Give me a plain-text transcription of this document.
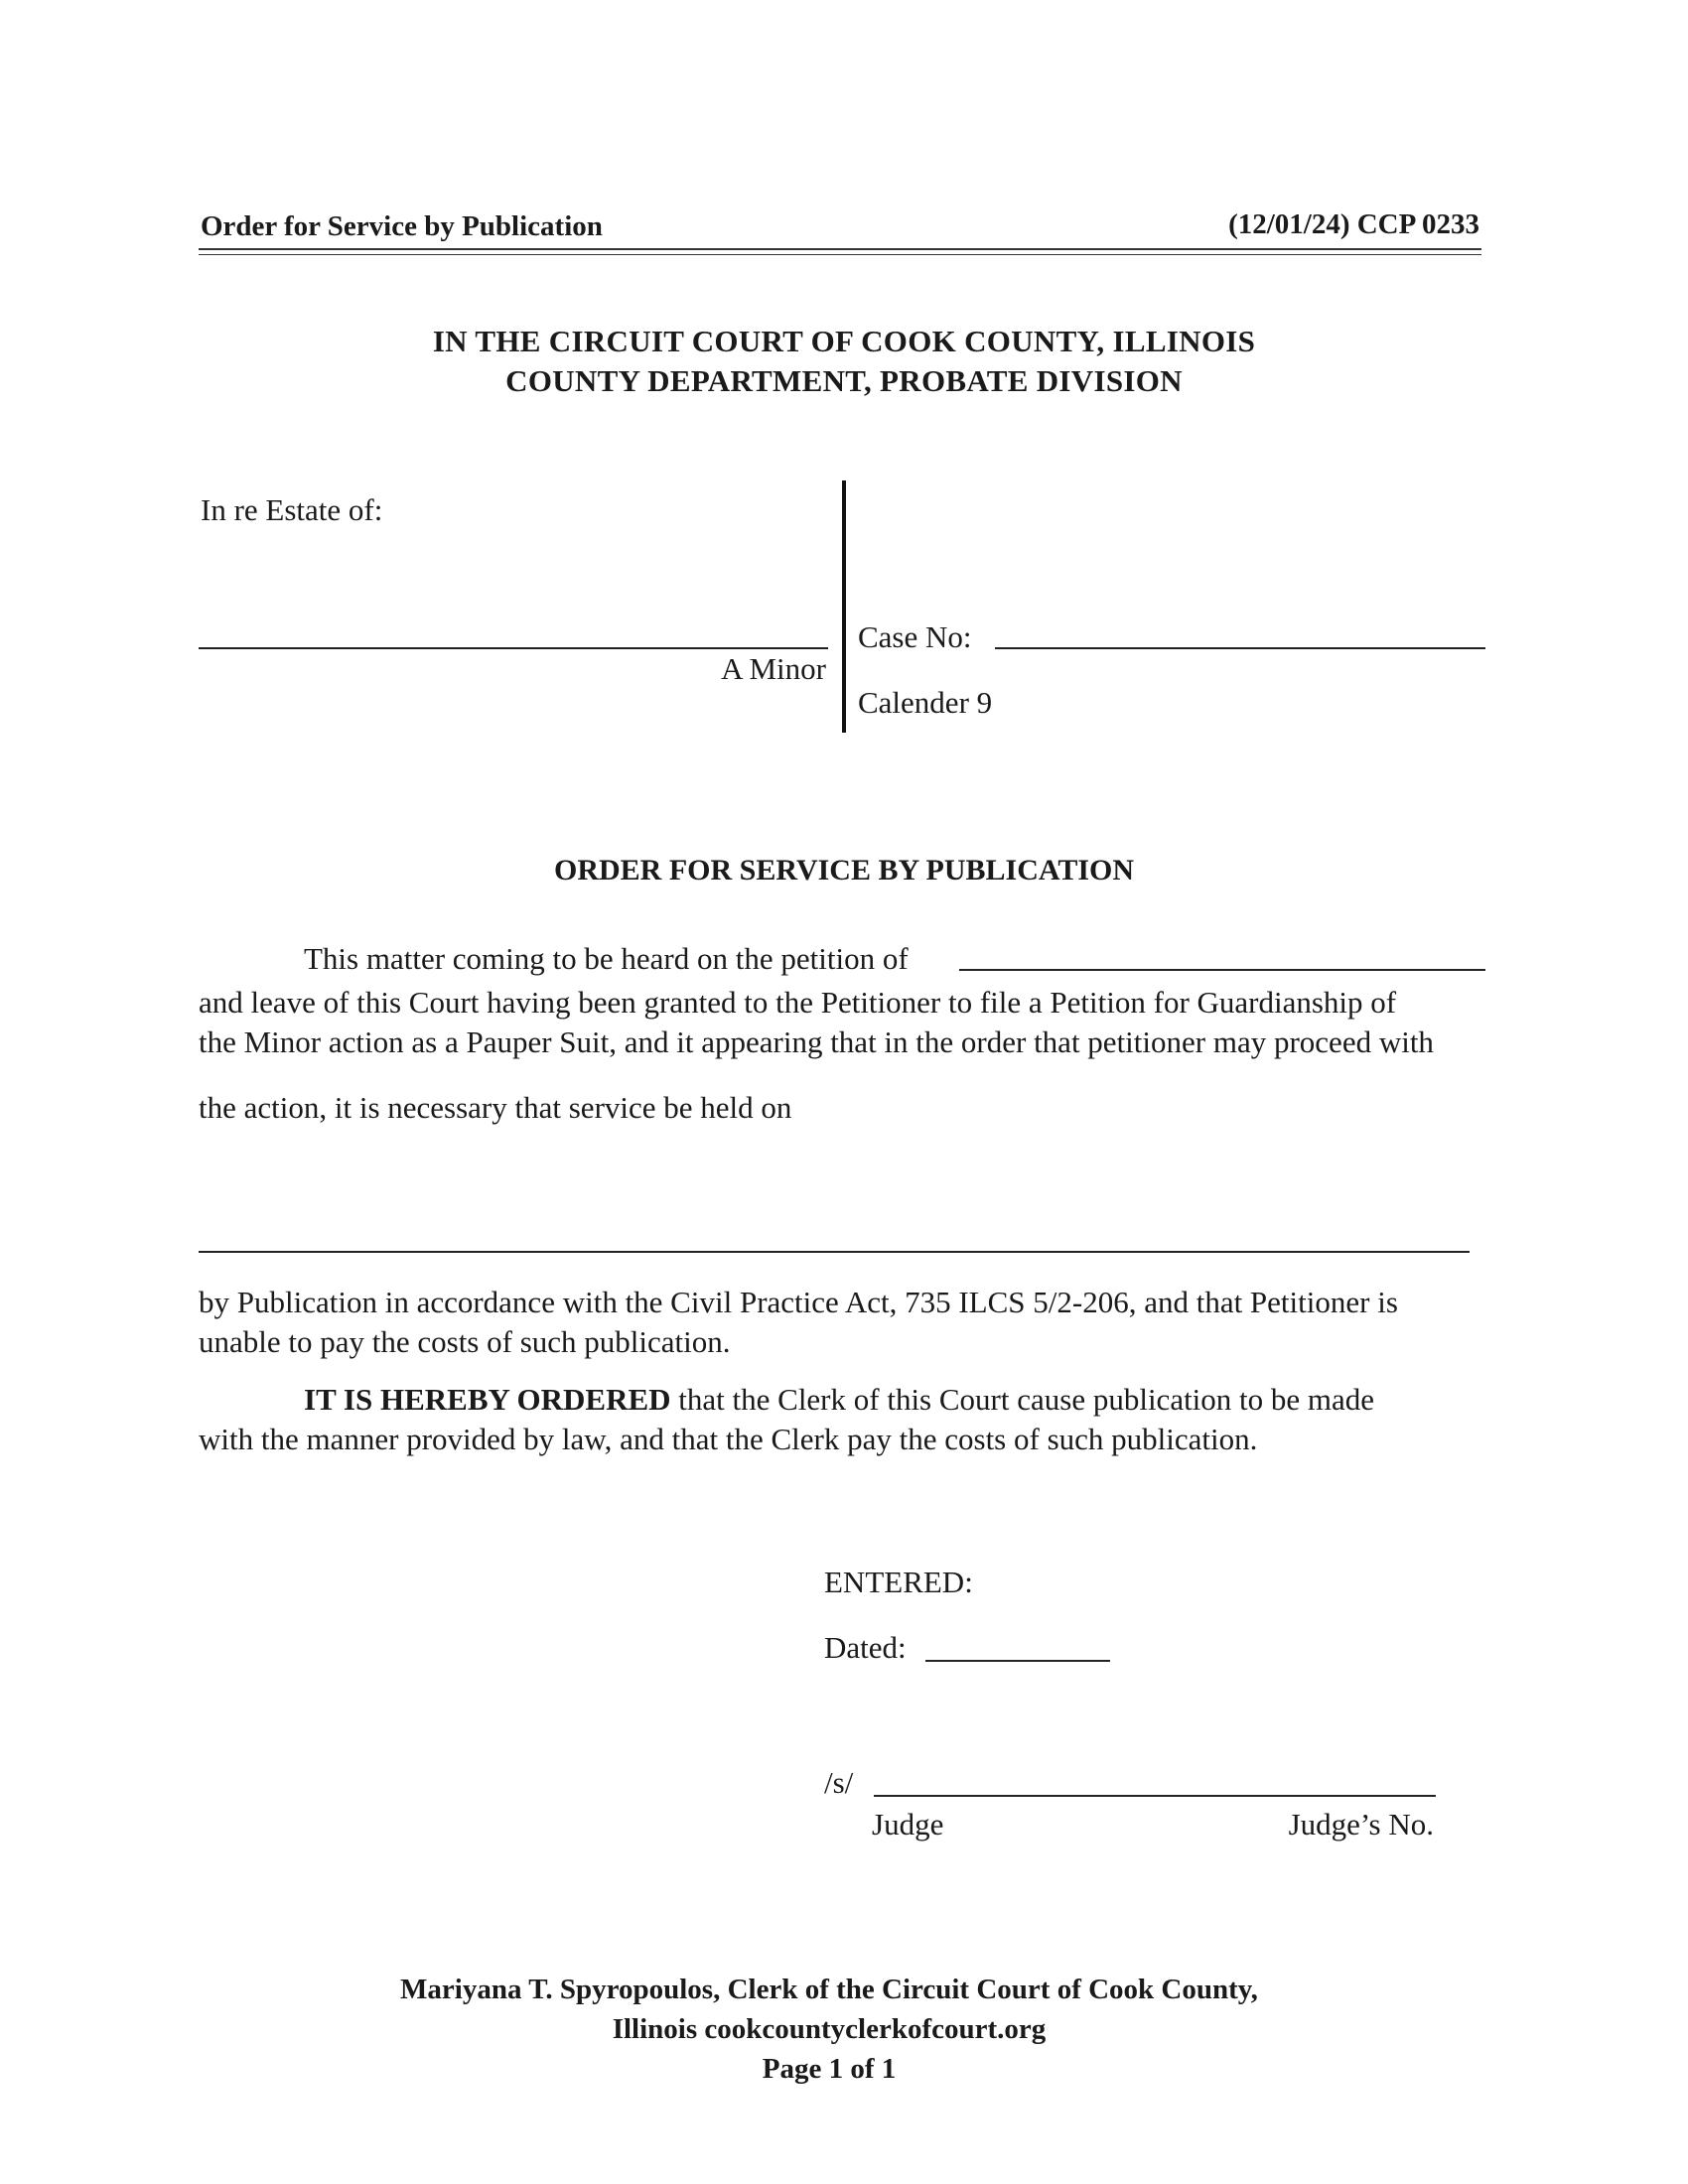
Order for Service by Publication	(12/01/24) CCP 0233
IN THE CIRCUIT COURT OF COOK COUNTY, ILLINOIS
COUNTY DEPARTMENT, PROBATE DIVISION
In re Estate of:
A Minor
Case No:
Calender 9
ORDER FOR SERVICE BY PUBLICATION
This matter coming to be heard on the petition of
and leave of this Court having been granted to the Petitioner to file a Petition for Guardianship of
the Minor action as a Pauper Suit, and it appearing that in the order that petitioner may proceed with
the action, it is necessary that service be held on
by Publication in accordance with the Civil Practice Act, 735 ILCS 5/2-206, and that Petitioner is
unable to pay the costs of such publication.
IT IS HEREBY ORDERED that the Clerk of this Court cause publication to be made
with the manner provided by law, and that the Clerk pay the costs of such publication.
ENTERED:
Dated:
/s/
Judge	Judge’s No.
Mariyana T. Spyropoulos, Clerk of the Circuit Court of Cook County,
Illinois cookcountyclerkofcourt.org
Page 1 of 1
